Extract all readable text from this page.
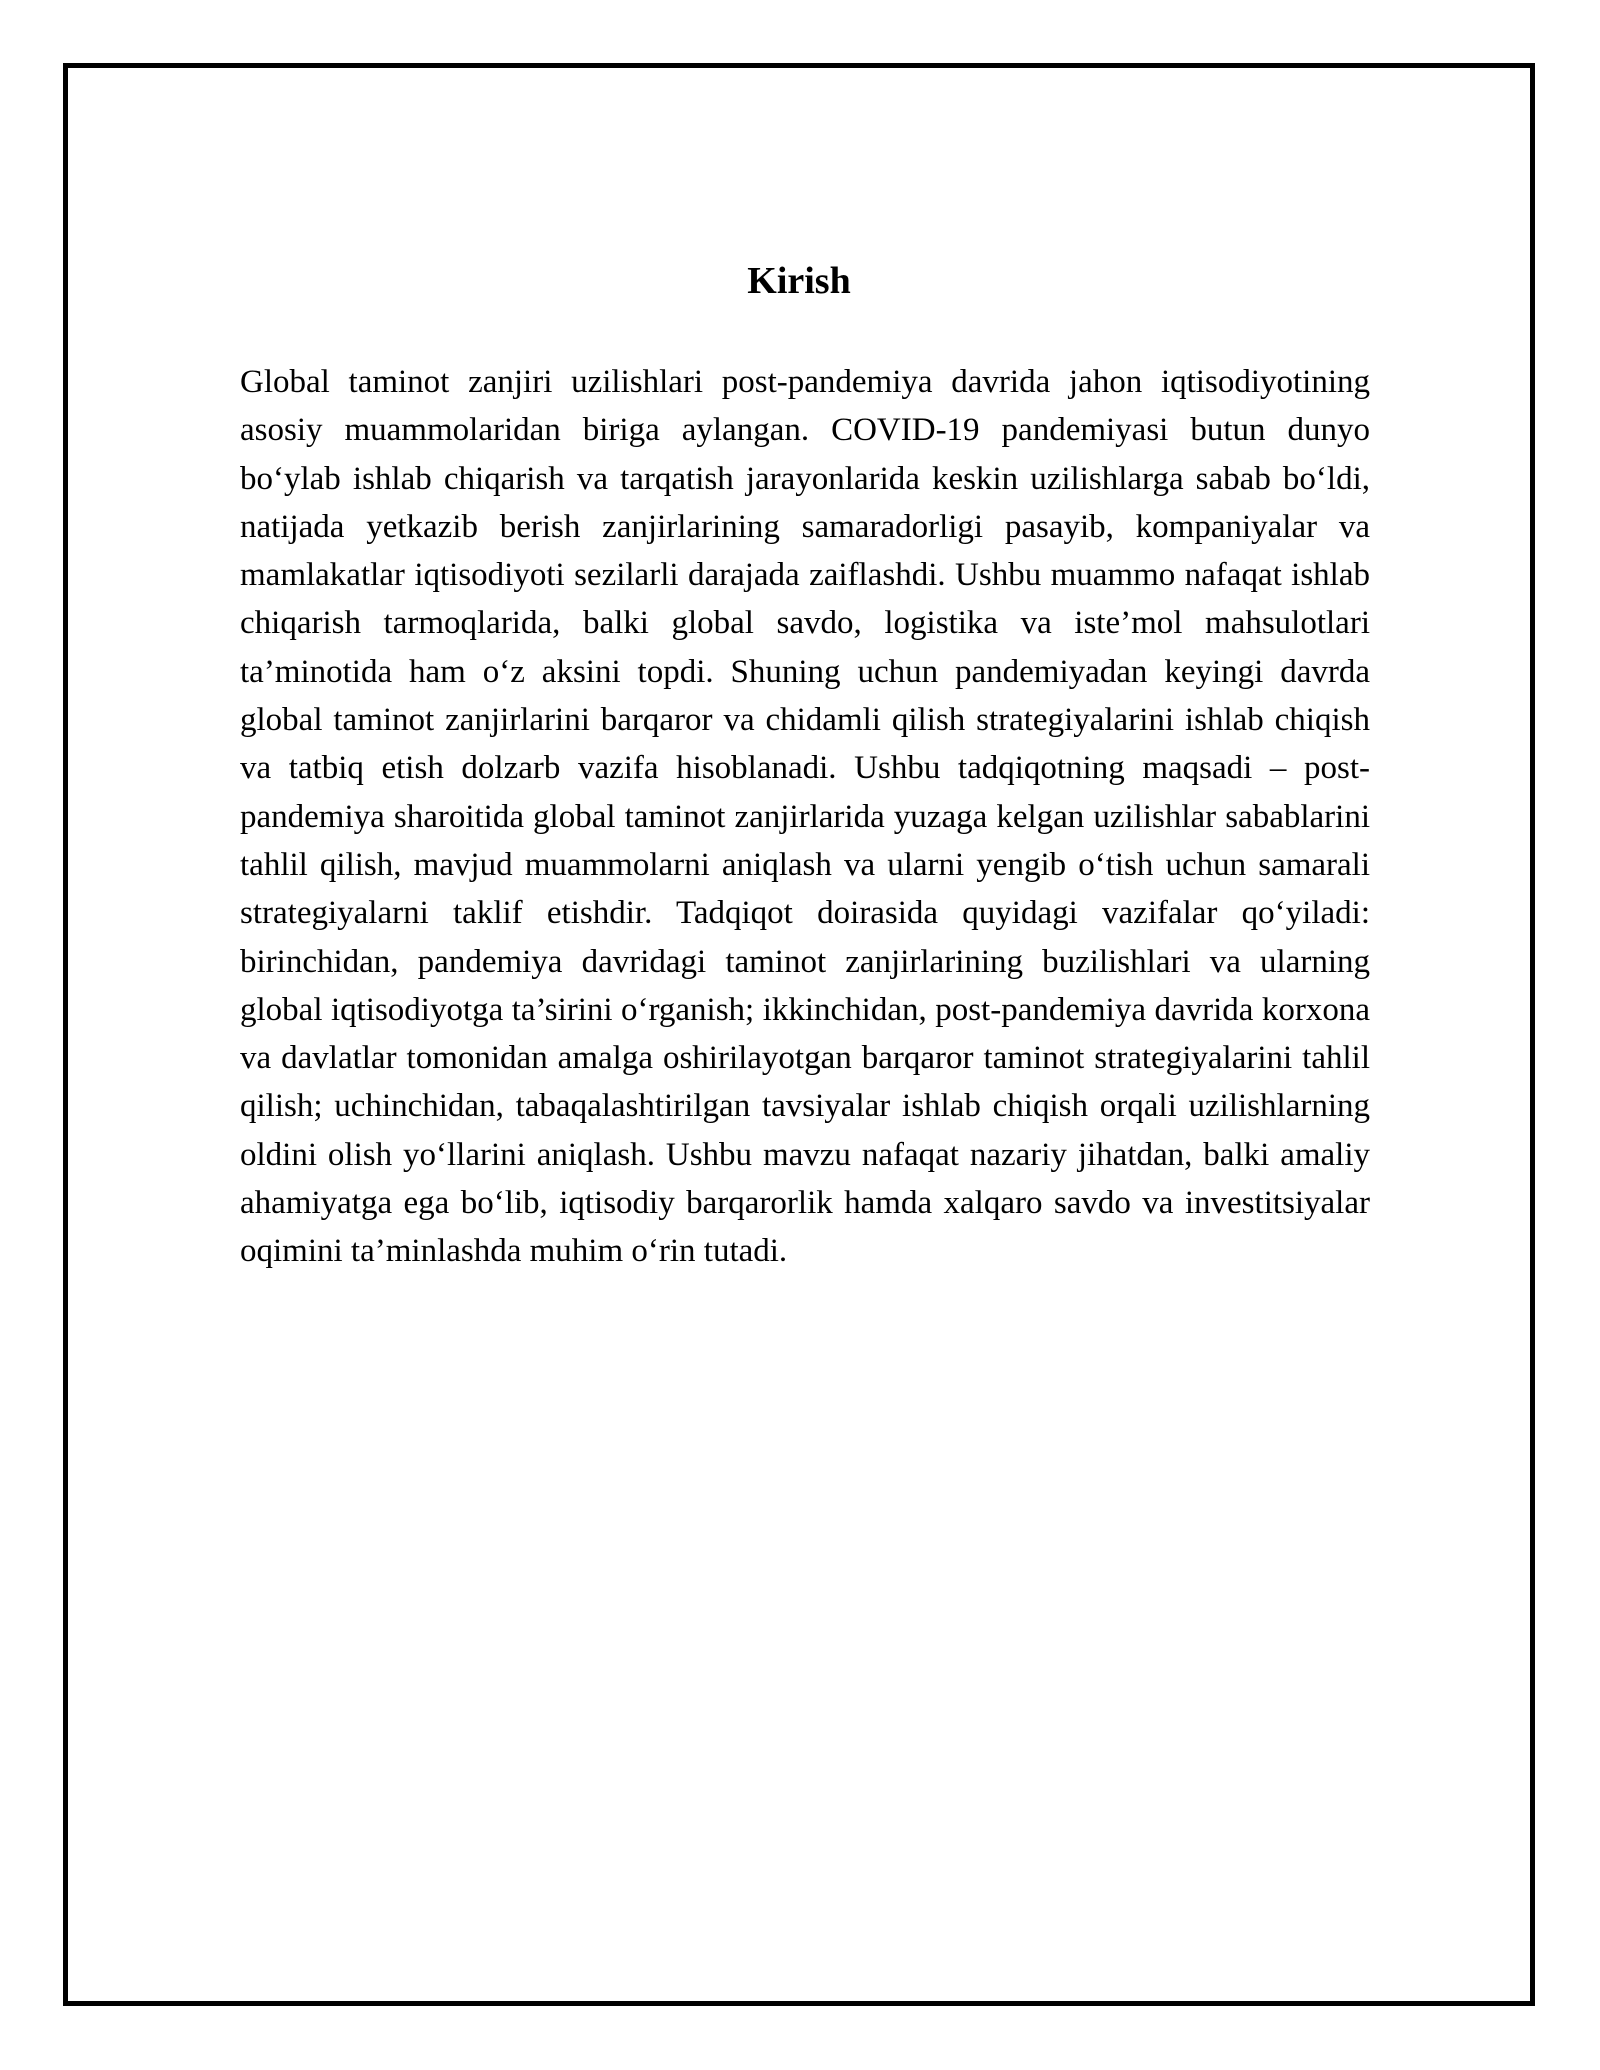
Kirish

Global taminot zanjiri uzilishlari post-pandemiya davrida jahon iqtisodiyotining asosiy muammolaridan biriga aylangan. COVID-19 pandemiyasi butun dunyo bo‘ylab ishlab chiqarish va tarqatish jarayonlarida keskin uzilishlarga sabab bo‘ldi, natijada yetkazib berish zanjirlarining samaradorligi pasayib, kompaniyalar va mamlakatlar iqtisodiyoti sezilarli darajada zaiflashdi. Ushbu muammo nafaqat ishlab chiqarish tarmoqlarida, balki global savdo, logistika va iste’mol mahsulotlari ta’minotida ham o‘z aksini topdi. Shuning uchun pandemiyadan keyingi davrda global taminot zanjirlarini barqaror va chidamli qilish strategiyalarini ishlab chiqish va tatbiq etish dolzarb vazifa hisoblanadi. Ushbu tadqiqotning maqsadi – post-pandemiya sharoitida global taminot zanjirlarida yuzaga kelgan uzilishlar sabablarini tahlil qilish, mavjud muammolarni aniqlash va ularni yengib o‘tish uchun samarali strategiyalarni taklif etishdir. Tadqiqot doirasida quyidagi vazifalar qo‘yiladi: birinchidan, pandemiya davridagi taminot zanjirlarining buzilishlari va ularning global iqtisodiyotga ta’sirini o‘rganish; ikkinchidan, post-pandemiya davrida korxona va davlatlar tomonidan amalga oshirilayotgan barqaror taminot strategiyalarini tahlil qilish; uchinchidan, tabaqalashtirilgan tavsiyalar ishlab chiqish orqali uzilishlarning oldini olish yo‘llarini aniqlash. Ushbu mavzu nafaqat nazariy jihatdan, balki amaliy ahamiyatga ega bo‘lib, iqtisodiy barqarorlik hamda xalqaro savdo va investitsiyalar oqimini ta’minlashda muhim o‘rin tutadi.
